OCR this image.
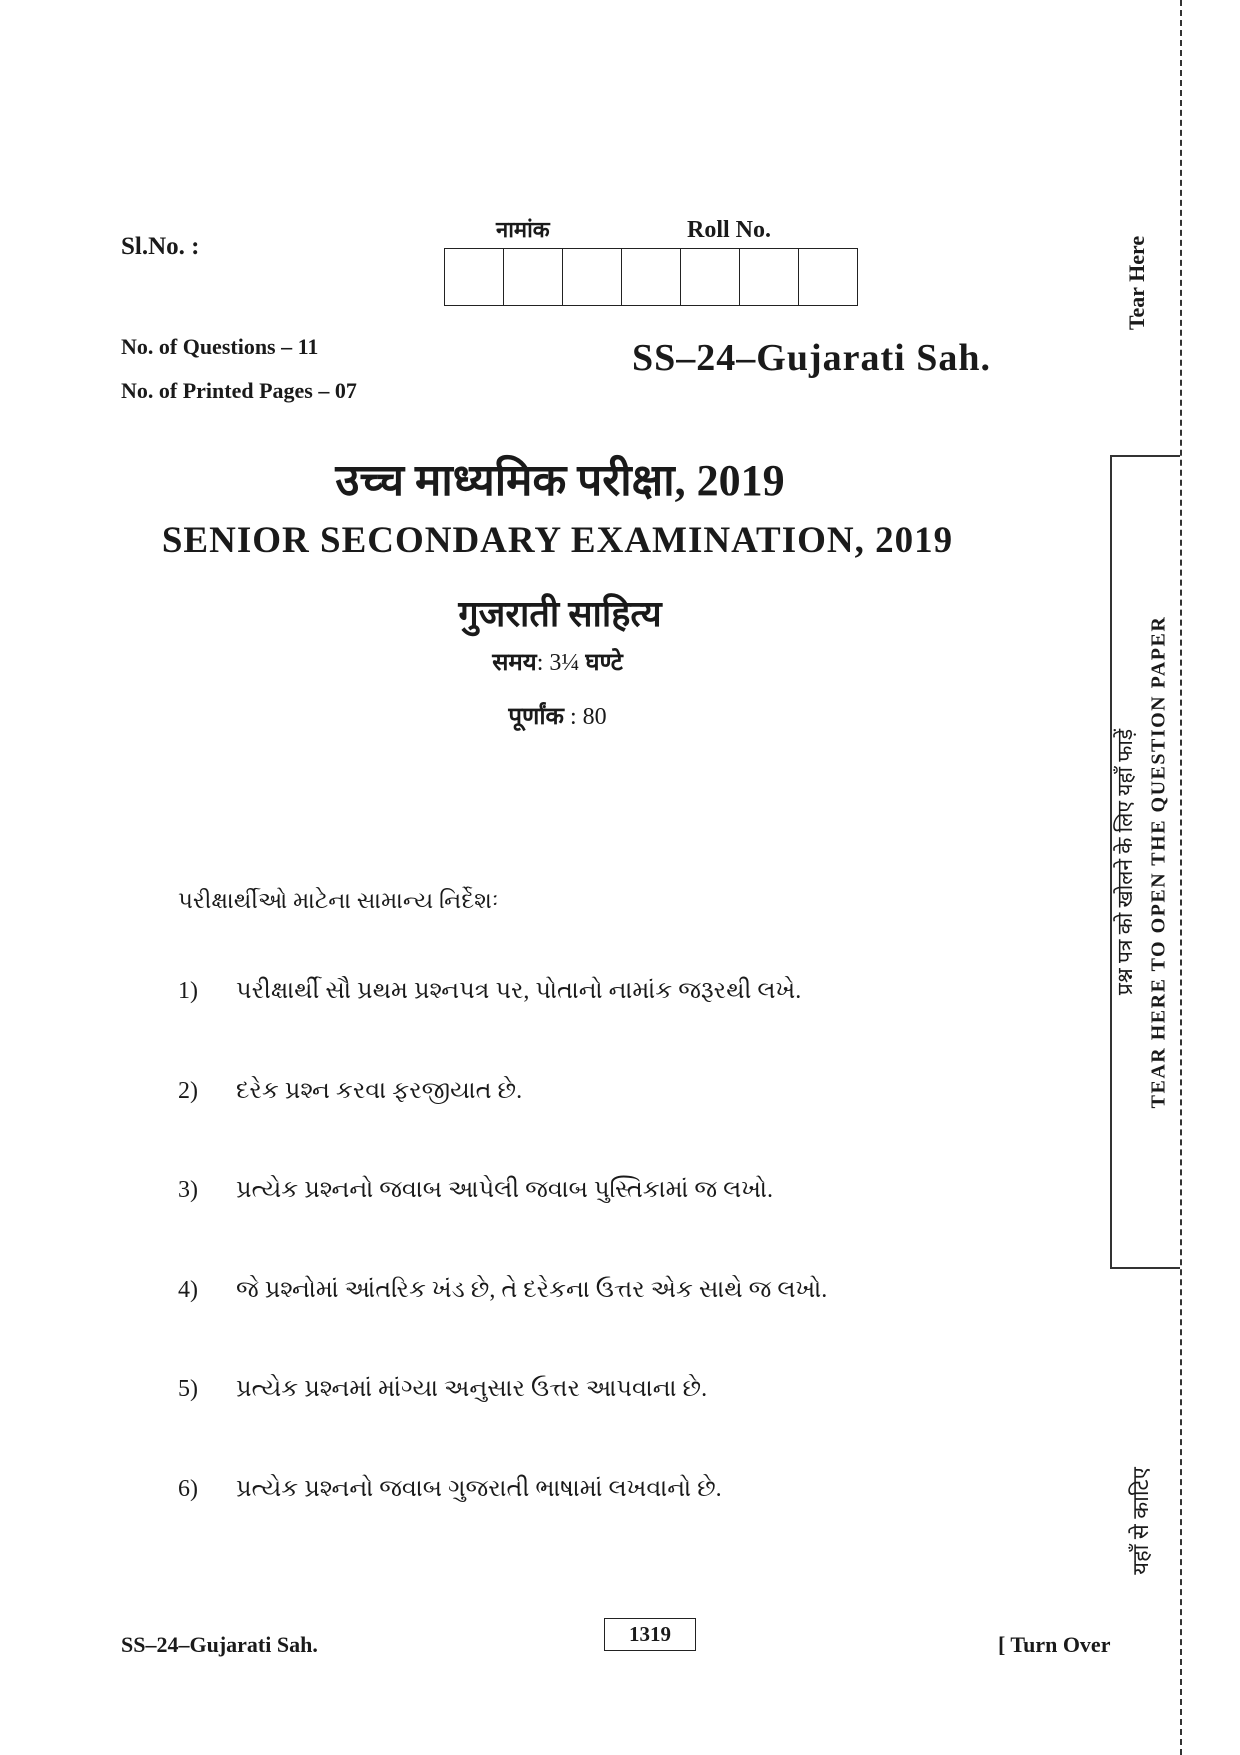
Sl.No. :
नामांक	Roll No.
No. of Questions – 11
No. of Printed Pages – 07
SS–24–Gujarati Sah.
उच्च माध्यमिक परीक्षा, 2019
SENIOR SECONDARY EXAMINATION, 2019
गुजराती साहित्य
समय: 3¼ घण्टे
पूर्णांक : 80
પરીક્ષાર્થીઓ માટેના સામાન્ય નિર્દેશઃ
1)	પરીક્ષાર્થી સૌ પ્રથમ પ્રશ્નપત્ર પર, પોતાનો નામાંક જરૂરથી લખે.
2)	દરેક પ્રશ્ન કરવા ફરજીયાત છે.
3)	પ્રત્યેક પ્રશ્નનો જવાબ આપેલી જવાબ પુસ્તિકામાં જ લખો.
4)	જે પ્રશ્નોમાં આંતરિક ખંડ છે, તે દરેકના ઉત્તર એક સાથે જ લખો.
5)	પ્રત્યેક પ્રશ્નમાં માંગ્યા અનુસાર ઉત્તર આપવાના છે.
6)	પ્રત્યેક પ્રશ્નનો જવાબ ગુજરાતી ભાષામાં લખવાનો છે.
SS–24–Gujarati Sah.	1319	[ Turn Over
Tear Here
प्रश्न पत्र को खोलने के लिए यहाँ फाड़ें TEAR HERE TO OPEN THE QUESTION PAPER
यहाँ से काटिए
